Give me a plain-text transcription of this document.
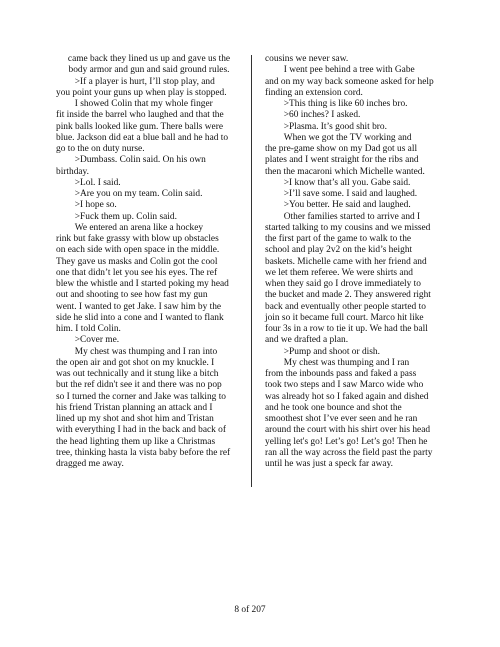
came back they lined us up and gave us the

body armor and gun and said ground rules.

  >If a player is hurt, I’ll stop play, and

you point your guns up when play is stopped.

  I showed Colin that my whole finger

fit inside the barrel who laughed and that the

pink balls looked like gum. There balls were

blue. Jackson did eat a blue ball and he had to

go to the on duty nurse.

  >Dumbass. Colin said. On his own

birthday.

  >Lol. I said.

  >Are you on my team. Colin said.

  >I hope so.

  >Fuck them up. Colin said.

  We entered an arena like a hockey

rink but fake grassy with blow up obstacles

on each side with open space in the middle.

They gave us masks and Colin got the cool

one that didn’t let you see his eyes. The ref

blew the whistle and I started poking my head

out and shooting to see how fast my gun

went. I wanted to get Jake. I saw him by the

side he slid into a cone and I wanted to flank

him. I told Colin.

  >Cover me.

  My chest was thumping and I ran into

the open air and got shot on my knuckle. I

was out technically and it stung like a bitch

but the ref didn't see it and there was no pop

so I turned the corner and Jake was talking to

his friend Tristan planning an attack and I

lined up my shot and shot him and Tristan

with everything I had in the back and back of

the head lighting them up like a Christmas

tree, thinking hasta la vista baby before the ref

dragged me away.

cousins we never saw.

  I went pee behind a tree with Gabe

and on my way back someone asked for help

finding an extension cord.

  >This thing is like 60 inches bro.

  >60 inches? I asked.

  >Plasma. It’s good shit bro.

  When we got the TV working and

the pre-game show on my Dad got us all

plates and I went straight for the ribs and

then the macaroni which Michelle wanted.

  >I know that’s all you. Gabe said.

  >I’ll save some. I said and laughed.

  >You better. He said and laughed.

  Other families started to arrive and I

started talking to my cousins and we missed

the first part of the game to walk to the

school and play 2v2 on the kid’s height

baskets. Michelle came with her friend and

we let them referee. We were shirts and

when they said go I drove immediately to

the bucket and made 2. They answered right

back and eventually other people started to

join so it became full court. Marco hit like

four 3s in a row to tie it up. We had the ball

and we drafted a plan.

  >Pump and shoot or dish.

  My chest was thumping and I ran

from the inbounds pass and faked a pass

took two steps and I saw Marco wide who

was already hot so I faked again and dished

and he took one bounce and shot the

smoothest shot I’ve ever seen and he ran

around the court with his shirt over his head

yelling let's go! Let’s go! Let’s go! Then he

ran all the way across the field past the party

until he was just a speck far away.

8 of 207
